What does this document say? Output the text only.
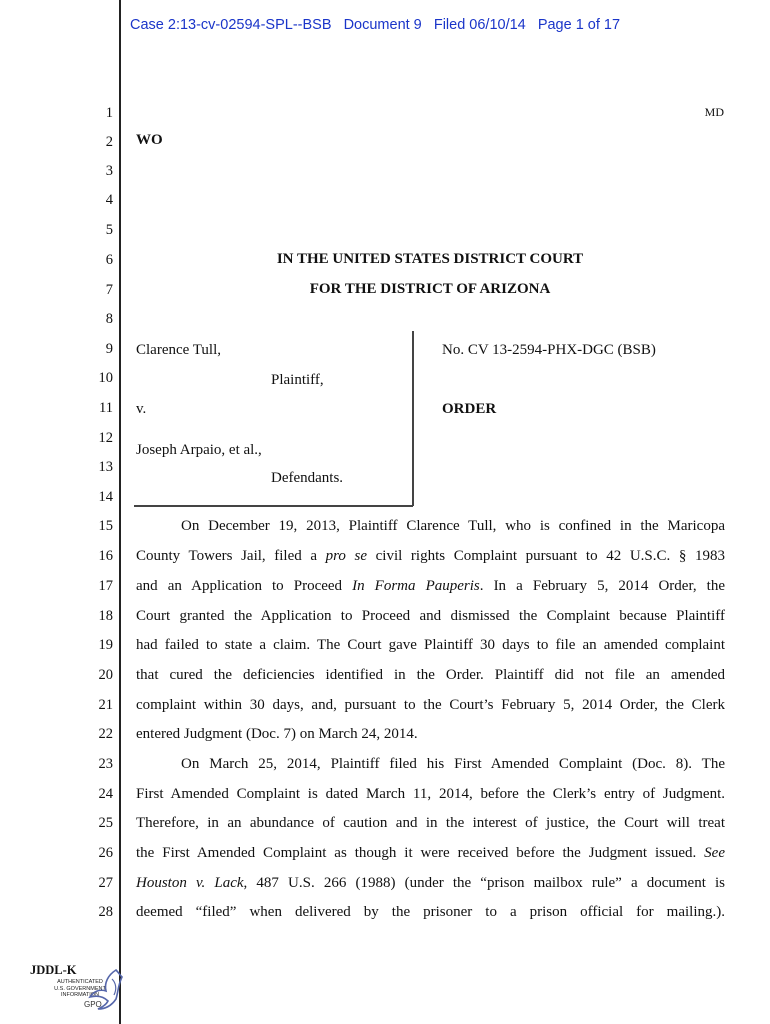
Case 2:13-cv-02594-SPL--BSB   Document 9   Filed 06/10/14   Page 1 of 17
1
2
3
4
5
6
7
8
9
10
11
12
13
14
15
16
17
18
19
20
21
22
23
24
25
26
27
28
MD
WO
IN THE UNITED STATES DISTRICT COURT
FOR THE DISTRICT OF ARIZONA
Clarence Tull,
Plaintiff,
v.
Joseph Arpaio, et al.,
Defendants.
No. CV 13-2594-PHX-DGC (BSB)
ORDER
On December 19, 2013, Plaintiff Clarence Tull, who is confined in the Maricopa
County Towers Jail, filed a pro se civil rights Complaint pursuant to 42 U.S.C. § 1983
and an Application to Proceed In Forma Pauperis. In a February 5, 2014 Order, the
Court granted the Application to Proceed and dismissed the Complaint because Plaintiff
had failed to state a claim. The Court gave Plaintiff 30 days to file an amended complaint
that cured the deficiencies identified in the Order. Plaintiff did not file an amended
complaint within 30 days, and, pursuant to the Court’s February 5, 2014 Order, the Clerk
entered Judgment (Doc. 7) on March 24, 2014.
On March 25, 2014, Plaintiff filed his First Amended Complaint (Doc. 8). The
First Amended Complaint is dated March 11, 2014, before the Clerk’s entry of Judgment.
Therefore, in an abundance of caution and in the interest of justice, the Court will treat
the First Amended Complaint as though it were received before the Judgment issued. See
Houston v. Lack, 487 U.S. 266 (1988) (under the “prison mailbox rule” a document is
deemed “filed” when delivered by the prisoner to a prison official for mailing.).
JDDL-K
AUTHENTICATED
U.S. GOVERNMENT
INFORMATION
GPO
